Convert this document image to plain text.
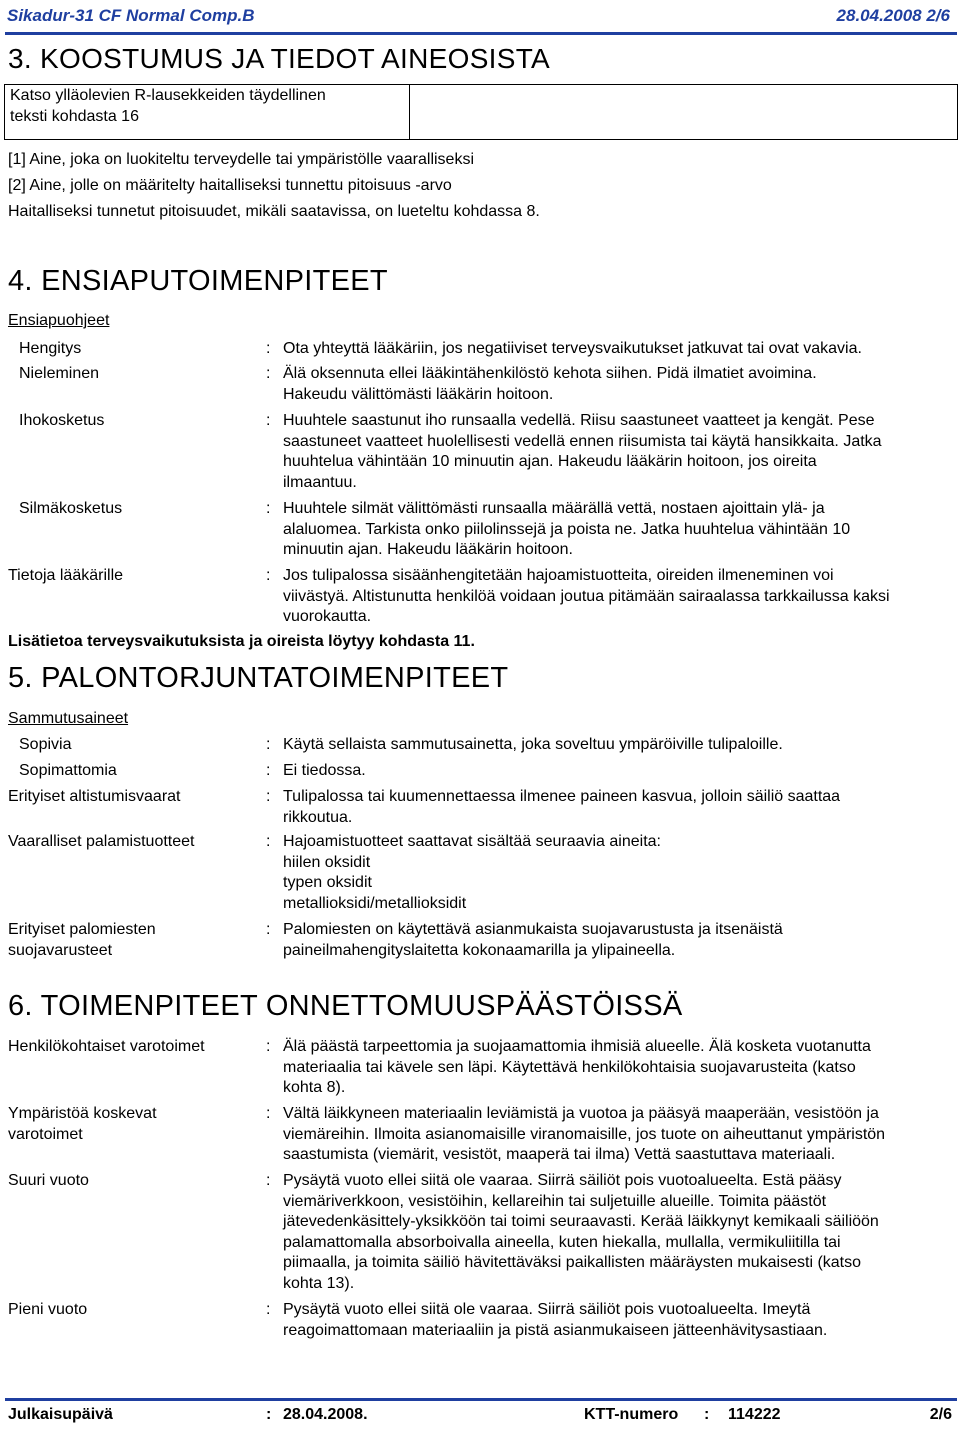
Sikadur-31 CF Normal Comp.B	28.04.2008 2/6
3. KOOSTUMUS JA TIEDOT AINEOSISTA
Katso ylläolevien R-lausekkeiden täydellinen
teksti kohdasta 16
[1] Aine, joka on luokiteltu terveydelle tai ympäristölle vaaralliseksi
[2] Aine, jolle on määritelty haitalliseksi tunnettu pitoisuus -arvo
Haitalliseksi tunnetut pitoisuudet, mikäli saatavissa, on lueteltu kohdassa 8.
4. ENSIAPUTOIMENPITEET
Ensiapuohjeet
Hengitys	: Ota yhteyttä lääkäriin, jos negatiiviset terveysvaikutukset jatkuvat tai ovat vakavia.
Nieleminen	: Älä oksennuta ellei lääkintähenkilöstö kehota siihen. Pidä ilmatiet avoimina.
Hakeudu välittömästi lääkärin hoitoon.
Ihokosketus	: Huuhtele saastunut iho runsaalla vedellä. Riisu saastuneet vaatteet ja kengät. Pese
saastuneet vaatteet huolellisesti vedellä ennen riisumista tai käytä hansikkaita. Jatka
huuhtelua vähintään 10 minuutin ajan. Hakeudu lääkärin hoitoon, jos oireita
ilmaantuu.
Silmäkosketus	: Huuhtele silmät välittömästi runsaalla määrällä vettä, nostaen ajoittain ylä- ja
alaluomea. Tarkista onko piilolinssejä ja poista ne. Jatka huuhtelua vähintään 10
minuutin ajan. Hakeudu lääkärin hoitoon.
Tietoja lääkärille	: Jos tulipalossa sisäänhengitetään hajoamistuotteita, oireiden ilmeneminen voi
viivästyä. Altistunutta henkilöä voidaan joutua pitämään sairaalassa tarkkailussa kaksi
vuorokautta.
Lisätietoa terveysvaikutuksista ja oireista löytyy kohdasta 11.
5. PALONTORJUNTATOIMENPITEET
Sammutusaineet
Sopivia	: Käytä sellaista sammutusainetta, joka soveltuu ympäröiville tulipaloille.
Sopimattomia	: Ei tiedossa.
Erityiset altistumisvaarat	: Tulipalossa tai kuumennettaessa ilmenee paineen kasvua, jolloin säiliö saattaa
rikkoutua.
Vaaralliset palamistuotteet	: Hajoamistuotteet saattavat sisältää seuraavia aineita:
hiilen oksidit
typen oksidit
metallioksidi/metallioksidit
Erityiset palomiesten
suojavarusteet
: Palomiesten on käytettävä asianmukaista suojavarustusta ja itsenäistä
paineilmahengityslaitetta kokonaamarilla ja ylipaineella.
6. TOIMENPITEET ONNETTOMUUSPÄÄSTÖISSÄ
Henkilökohtaiset varotoimet	: Älä päästä tarpeettomia ja suojaamattomia ihmisiä alueelle. Älä kosketa vuotanutta
materiaalia tai kävele sen läpi. Käytettävä henkilökohtaisia suojavarusteita (katso
kohta 8).
Ympäristöä koskevat
varotoimet
: Vältä läikkyneen materiaalin leviämistä ja vuotoa ja pääsyä maaperään, vesistöön ja
viemäreihin. Ilmoita asianomaisille viranomaisille, jos tuote on aiheuttanut ympäristön
saastumista (viemärit, vesistöt, maaperä tai ilma) Vettä saastuttava materiaali.
Suuri vuoto	: Pysäytä vuoto ellei siitä ole vaaraa. Siirrä säiliöt pois vuotoalueelta. Estä pääsy
viemäriverkkoon, vesistöihin, kellareihin tai suljetuille alueille. Toimita päästöt
jätevedenkäsittely-yksikköön tai toimi seuraavasti. Kerää läikkynyt kemikaali säiliöön
palamattomalla absorboivalla aineella, kuten hiekalla, mullalla, vermikuliitilla tai
piimaalla, ja toimita säiliö hävitettäväksi paikallisten määräysten mukaisesti (katso
kohta 13).
Pieni vuoto	: Pysäytä vuoto ellei siitä ole vaaraa. Siirrä säiliöt pois vuotoalueelta. Imeytä
reagoimattomaan materiaaliin ja pistä asianmukaiseen jätteenhävitysastiaan.
Julkaisupäivä	: 28.04.2008.	KTT-numero : 114222	2/6
